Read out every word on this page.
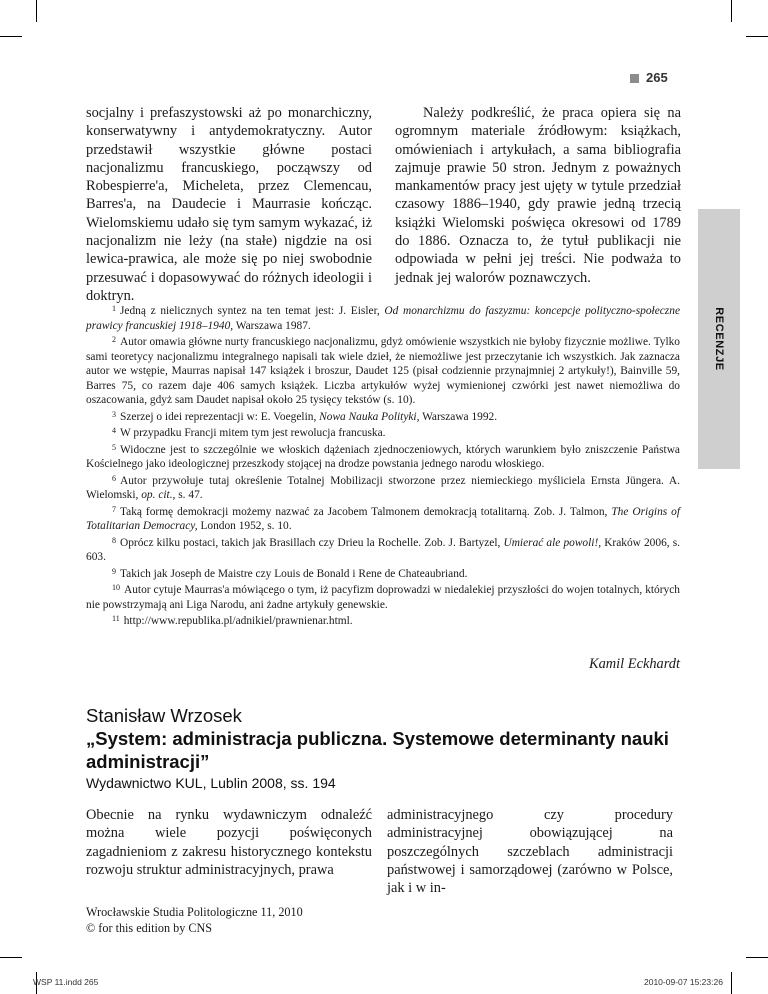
265
socjalny i prefaszystowski aż po monarchiczny, konserwatywny i antydemokratyczny. Autor przedstawił wszystkie główne postaci nacjonalizmu francuskiego, począwszy od Robespierre'a, Micheleta, przez Clemencau, Barres'a, na Daudecie i Maurrasie kończąc. Wielomskiemu udało się tym samym wykazać, iż nacjonalizm nie leży (na stałe) nigdzie na osi lewica-prawica, ale może się po niej swobodnie przesuwać i dopasowywać do różnych ideologii i doktryn.
Należy podkreślić, że praca opiera się na ogromnym materiale źródłowym: książkach, omówieniach i artykułach, a sama bibliografia zajmuje prawie 50 stron. Jednym z poważnych mankamentów pracy jest ujęty w tytule przedział czasowy 1886–1940, gdy prawie jedną trzecią książki Wielomski poświęca okresowi od 1789 do 1886. Oznacza to, że tytuł publikacji nie odpowiada w pełni jej treści. Nie podważa to jednak jej walorów poznawczych.
RECENZJE

$^1$ Jedną z nielicznych syntez na ten temat jest: J. Eisler, Od monarchizmu do faszyzmu: koncepcje polityczno-społeczne prawicy francuskiej 1918–1940, Warszawa 1987.

$^2$ Autor omawia główne nurty francuskiego nacjonalizmu, gdyż omówienie wszystkich nie byłoby fizycznie możliwe. Tylko sami teoretycy nacjonalizmu integralnego napisali tak wiele dzieł, że niemożliwe jest przeczytanie ich wszystkich. Jak zaznacza autor we wstępie, Maurras napisał 147 książek i broszur, Daudet 125 (pisał codziennie przynajmniej 2 artykuły!), Bainville 59, Barres 75, co razem daje 406 samych książek. Liczba artykułów wyżej wymienionej czwórki jest nawet niemożliwa do oszacowania, gdyż sam Daudet napisał około 25 tysięcy tekstów (s. 10).

$^3$ Szerzej o idei reprezentacji w: E. Voegelin, Nowa Nauka Polityki, Warszawa 1992.

$^4$ W przypadku Francji mitem tym jest rewolucja francuska.

$^5$ Widoczne jest to szczególnie we włoskich dążeniach zjednoczeniowych, których warunkiem było zniszczenie Państwa Kościelnego jako ideologicznej przeszkody stojącej na drodze powstania jednego narodu włoskiego.

$^6$ Autor przywołuje tutaj określenie Totalnej Mobilizacji stworzone przez niemieckiego myśliciela Ernsta Jüngera. A. Wielomski, op. cit., s. 47.

$^7$ Taką formę demokracji możemy nazwać za Jacobem Talmonem demokracją totalitarną. Zob. J. Talmon, The Origins of Totalitarian Democracy, London 1952, s. 10.

$^8$ Oprócz kilku postaci, takich jak Brasillach czy Drieu la Rochelle. Zob. J. Bartyzel, Umierać ale powoli!, Kraków 2006, s. 603.

$^9$ Takich jak Joseph de Maistre czy Louis de Bonald i Rene de Chateaubriand.

$^{10}$ Autor cytuje Maurras'a mówiącego o tym, iż pacyfizm doprowadzi w niedalekiej przyszłości do wojen totalnych, których nie powstrzymają ani Liga Narodu, ani żadne artykuły genewskie.

$^{11}$ http://www.republika.pl/adnikiel/prawnienar.html.

Kamil Eckhardt
Stanisław Wrzosek
„System: administracja publiczna. Systemowe determinanty nauki administracji”
Wydawnictwo KUL, Lublin 2008, ss. 194
Obecnie na rynku wydawniczym odnaleźć można wiele pozycji poświęconych zagadnieniom z zakresu historycznego kontekstu rozwoju struktur administracyjnych, prawa
administracyjnego czy procedury administracyjnej obowiązującej na poszczególnych szczeblach administracji państwowej i samorządowej (zarówno w Polsce, jak i w in-
Wrocławskie Studia Politologiczne 11, 2010
© for this edition by CNS
WSP 11.indd 265	2010-09-07 15:23:26
